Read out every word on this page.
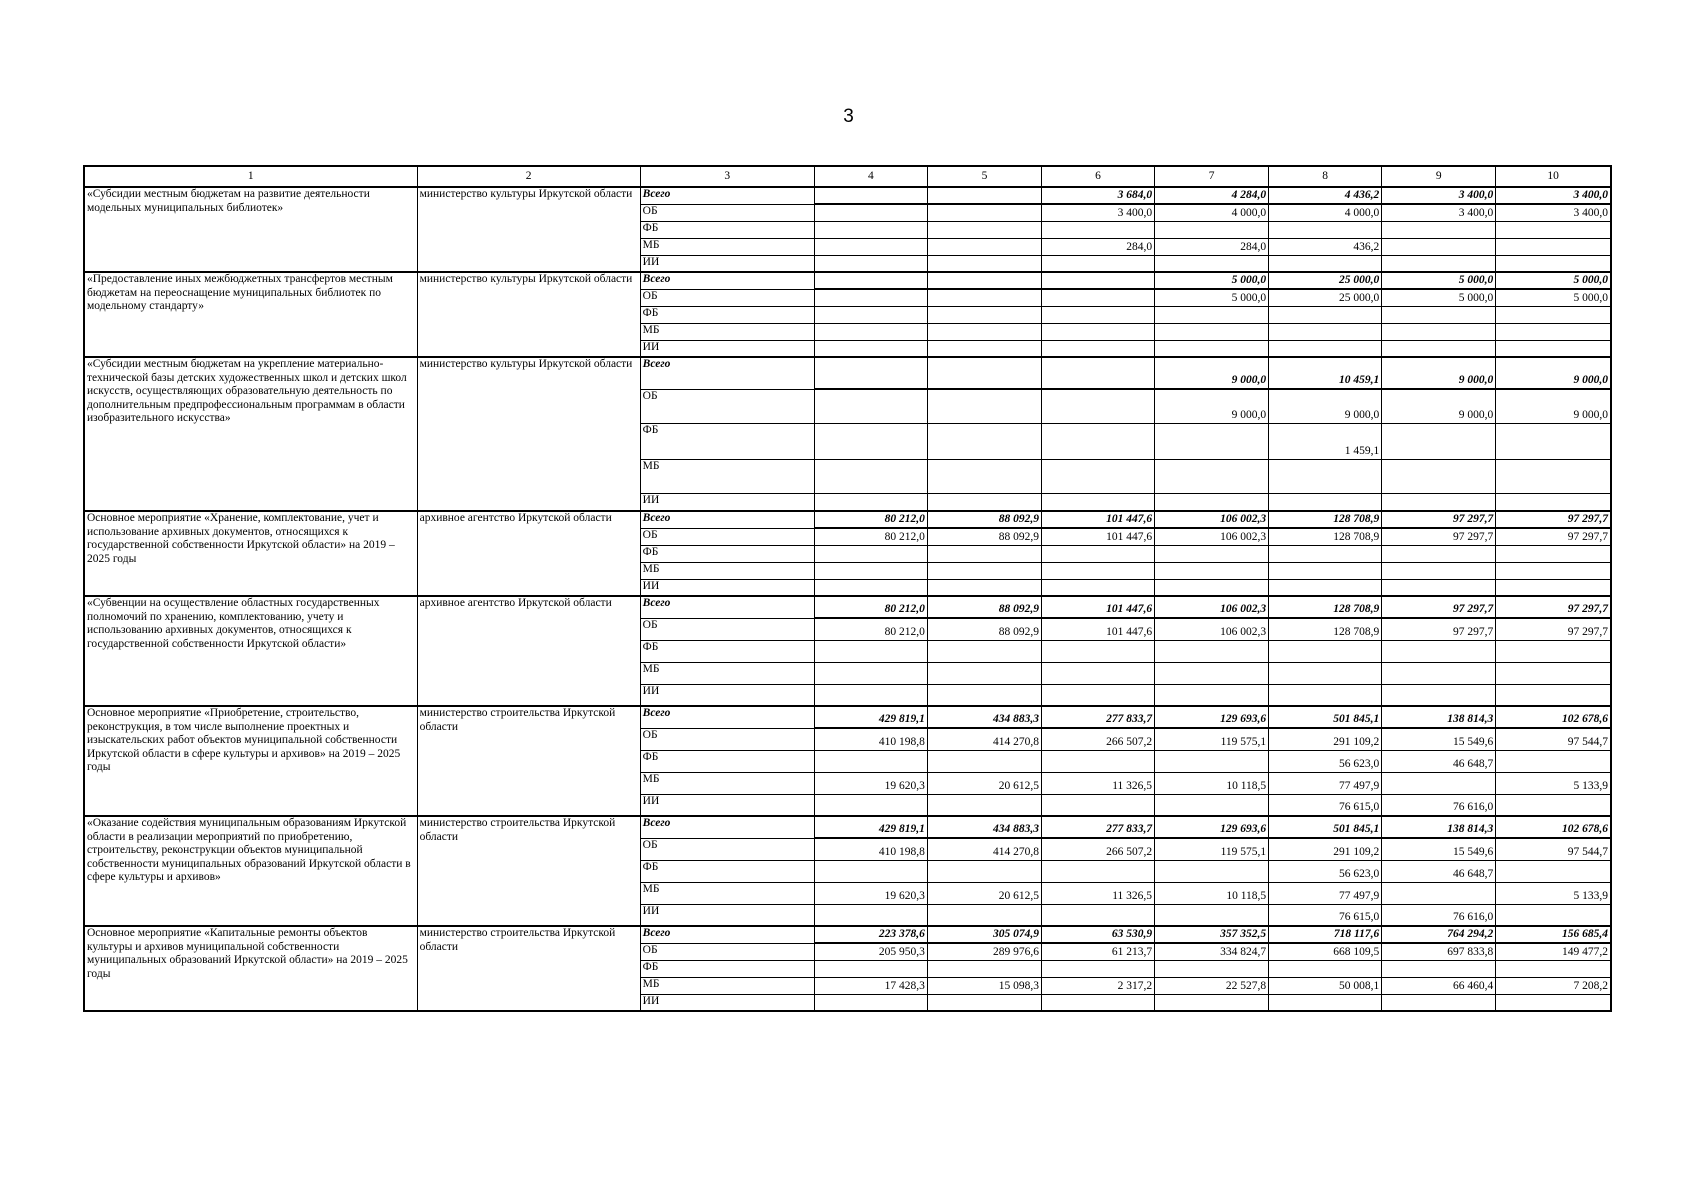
3
1	2	3	4	5	6	7	8	9	10
«Субсидии местным бюджетам на развитие деятельности модельных муниципальных библиотек»	министерство культуры Иркутской области	Всего			3 684,0	4 284,0	4 436,2	3 400,0	3 400,0
		ОБ			3 400,0	4 000,0	4 000,0	3 400,0	3 400,0
		ФБ							
		МБ			284,0	284,0	436,2		
		ИИ							
«Предоставление иных межбюджетных трансфертов местным бюджетам на переоснащение муниципальных библиотек по модельному стандарту»	министерство культуры Иркутской области	Всего				5 000,0	25 000,0	5 000,0	5 000,0
		ОБ				5 000,0	25 000,0	5 000,0	5 000,0
		ФБ							
		МБ							
		ИИ							
«Субсидии местным бюджетам на укрепление материально-технической базы детских художественных школ и детских школ искусств, осуществляющих образовательную деятельность по дополнительным предпрофессиональным программам в области изобразительного искусства»	министерство культуры Иркутской области	Всего				9 000,0	10 459,1	9 000,0	9 000,0
		ОБ				9 000,0	9 000,0	9 000,0	9 000,0
		ФБ					1 459,1		
		МБ							
		ИИ							
Основное мероприятие «Хранение, комплектование, учет и использование архивных документов, относящихся к государственной собственности Иркутской области» на 2019 – 2025 годы	архивное агентство Иркутской области	Всего	80 212,0	88 092,9	101 447,6	106 002,3	128 708,9	97 297,7	97 297,7
		ОБ	80 212,0	88 092,9	101 447,6	106 002,3	128 708,9	97 297,7	97 297,7
		ФБ							
		МБ							
		ИИ							
«Субвенции на осуществление областных государственных полномочий по хранению, комплектованию, учету и использованию архивных документов, относящихся к государственной собственности Иркутской области»	архивное агентство Иркутской области	Всего	80 212,0	88 092,9	101 447,6	106 002,3	128 708,9	97 297,7	97 297,7
		ОБ	80 212,0	88 092,9	101 447,6	106 002,3	128 708,9	97 297,7	97 297,7
		ФБ							
		МБ							
		ИИ							
Основное мероприятие «Приобретение, строительство, реконструкция, в том числе выполнение проектных и изыскательских работ объектов муниципальной собственности Иркутской области в сфере культуры и архивов» на 2019 – 2025 годы	министерство строительства Иркутской области	Всего	429 819,1	434 883,3	277 833,7	129 693,6	501 845,1	138 814,3	102 678,6
		ОБ	410 198,8	414 270,8	266 507,2	119 575,1	291 109,2	15 549,6	97 544,7
		ФБ					56 623,0	46 648,7	
		МБ	19 620,3	20 612,5	11 326,5	10 118,5	77 497,9		5 133,9
		ИИ					76 615,0	76 616,0	
«Оказание содействия муниципальным образованиям Иркутской области в реализации мероприятий по приобретению, строительству, реконструкции объектов муниципальной собственности муниципальных образований Иркутской области в сфере культуры и архивов»	министерство строительства Иркутской области	Всего	429 819,1	434 883,3	277 833,7	129 693,6	501 845,1	138 814,3	102 678,6
		ОБ	410 198,8	414 270,8	266 507,2	119 575,1	291 109,2	15 549,6	97 544,7
		ФБ					56 623,0	46 648,7	
		МБ	19 620,3	20 612,5	11 326,5	10 118,5	77 497,9		5 133,9
		ИИ					76 615,0	76 616,0	
Основное мероприятие «Капитальные ремонты объектов культуры и архивов муниципальной собственности муниципальных образований Иркутской области» на 2019 – 2025 годы	министерство строительства Иркутской области	Всего	223 378,6	305 074,9	63 530,9	357 352,5	718 117,6	764 294,2	156 685,4
		ОБ	205 950,3	289 976,6	61 213,7	334 824,7	668 109,5	697 833,8	149 477,2
		ФБ							
		МБ	17 428,3	15 098,3	2 317,2	22 527,8	50 008,1	66 460,4	7 208,2
		ИИ							
